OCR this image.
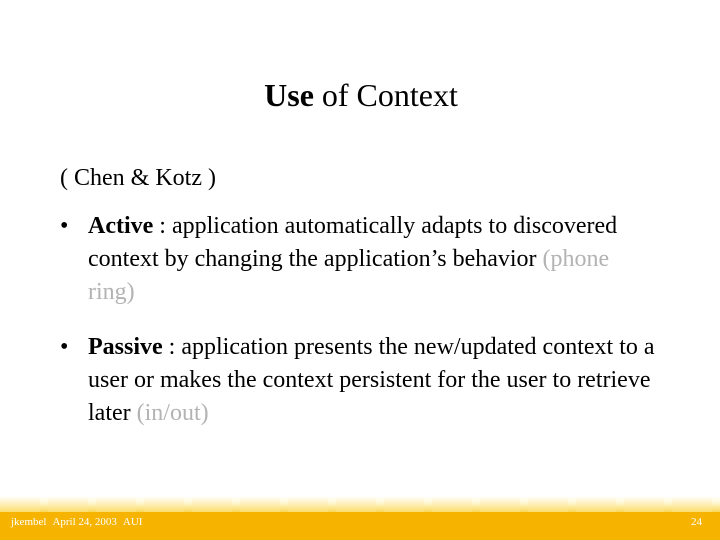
Use of Context

( Chen & Kotz )

• Active : application automatically adapts to discovered context by changing the application’s behavior (phone ring)
• Passive : application presents the new/updated context to a user or makes the context persistent for the user to retrieve later (in/out)
jkembel April 24, 2003 AUI	24
